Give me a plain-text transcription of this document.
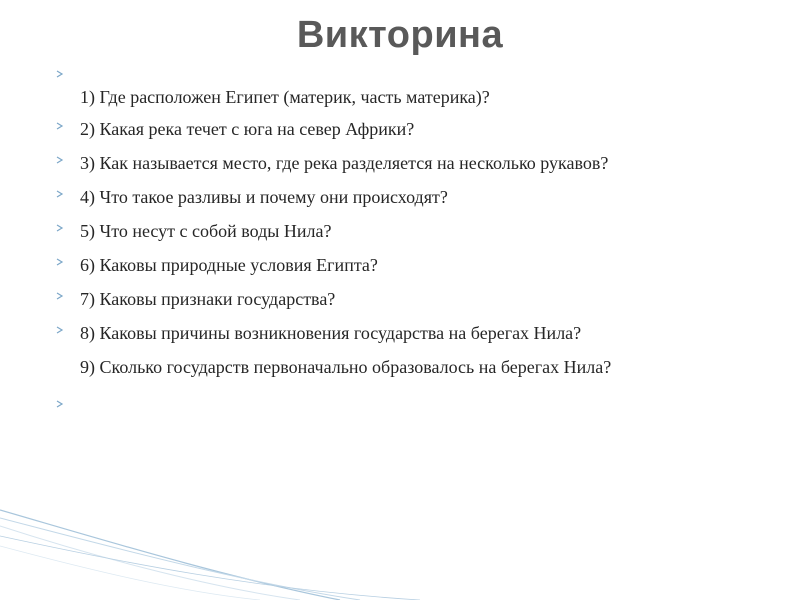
Викторина
1) Где расположен Египет (материк, часть материка)?
2) Какая река течет с юга на север Африки?
3) Как называется место, где река разделяется на несколько рукавов?
4) Что такое разливы и почему они происходят?
5) Что несут с собой воды Нила?
6) Каковы природные условия Египта?
7) Каковы признаки государства?
8) Каковы причины возникновения государства на берегах Нила?
9) Сколько государств первоначально образовалось на берегах Нила?
